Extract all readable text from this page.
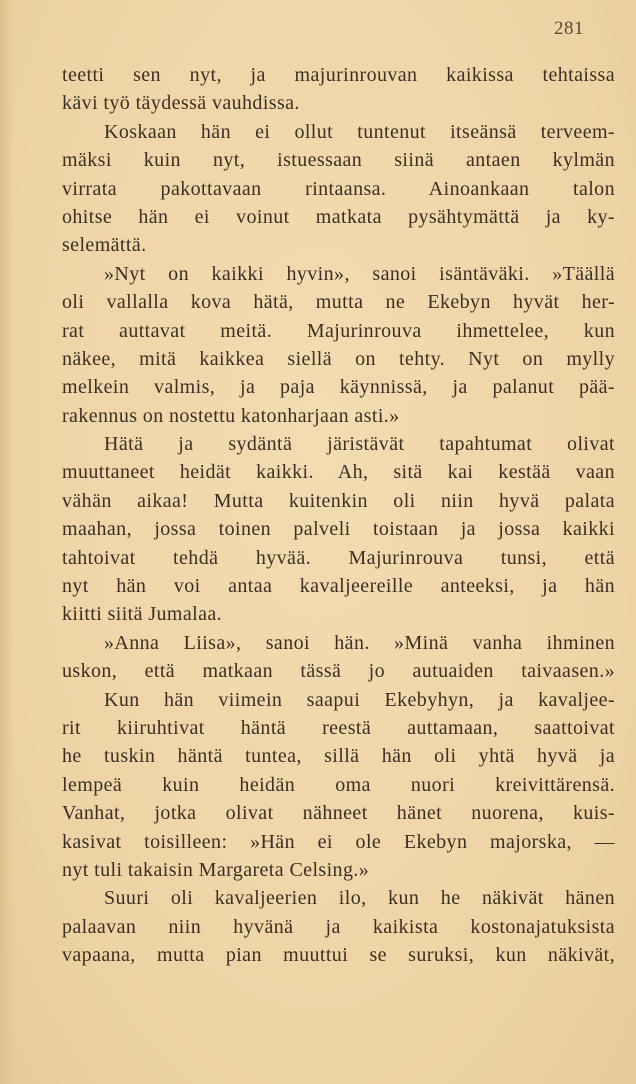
281
teetti sen nyt, ja majurinrouvan kaikissa tehtaissa
kävi työ täydessä vauhdissa.
Koskaan hän ei ollut tuntenut itseänsä terveem-
mäksi kuin nyt, istuessaan siinä antaen kylmän
virrata pakottavaan rintaansa. Ainoankaan talon
ohitse hän ei voinut matkata pysähtymättä ja ky-
selemättä.
»Nyt on kaikki hyvin», sanoi isäntäväki. »Täällä
oli vallalla kova hätä, mutta ne Ekebyn hyvät her-
rat auttavat meitä. Majurinrouva ihmettelee, kun
näkee, mitä kaikkea siellä on tehty. Nyt on mylly
melkein valmis, ja paja käynnissä, ja palanut pää-
rakennus on nostettu katonharjaan asti.»
Hätä ja sydäntä järistävät tapahtumat olivat
muuttaneet heidät kaikki. Ah, sitä kai kestää vaan
vähän aikaa! Mutta kuitenkin oli niin hyvä palata
maahan, jossa toinen palveli toistaan ja jossa kaikki
tahtoivat tehdä hyvää. Majurinrouva tunsi, että
nyt hän voi antaa kavaljeereille anteeksi, ja hän
kiitti siitä Jumalaa.
»Anna Liisa», sanoi hän. »Minä vanha ihminen
uskon, että matkaan tässä jo autuaiden taivaasen.»
Kun hän viimein saapui Ekebyhyn, ja kavaljee-
rit kiiruhtivat häntä reestä auttamaan, saattoivat
he tuskin häntä tuntea, sillä hän oli yhtä hyvä ja
lempeä kuin heidän oma nuori kreivittärensä.
Vanhat, jotka olivat nähneet hänet nuorena, kuis-
kasivat toisilleen: »Hän ei ole Ekebyn majorska, —
nyt tuli takaisin Margareta Celsing.»
Suuri oli kavaljeerien ilo, kun he näkivät hänen
palaavan niin hyvänä ja kaikista kostonajatuksista
vapaana, mutta pian muuttui se suruksi, kun näkivät,
